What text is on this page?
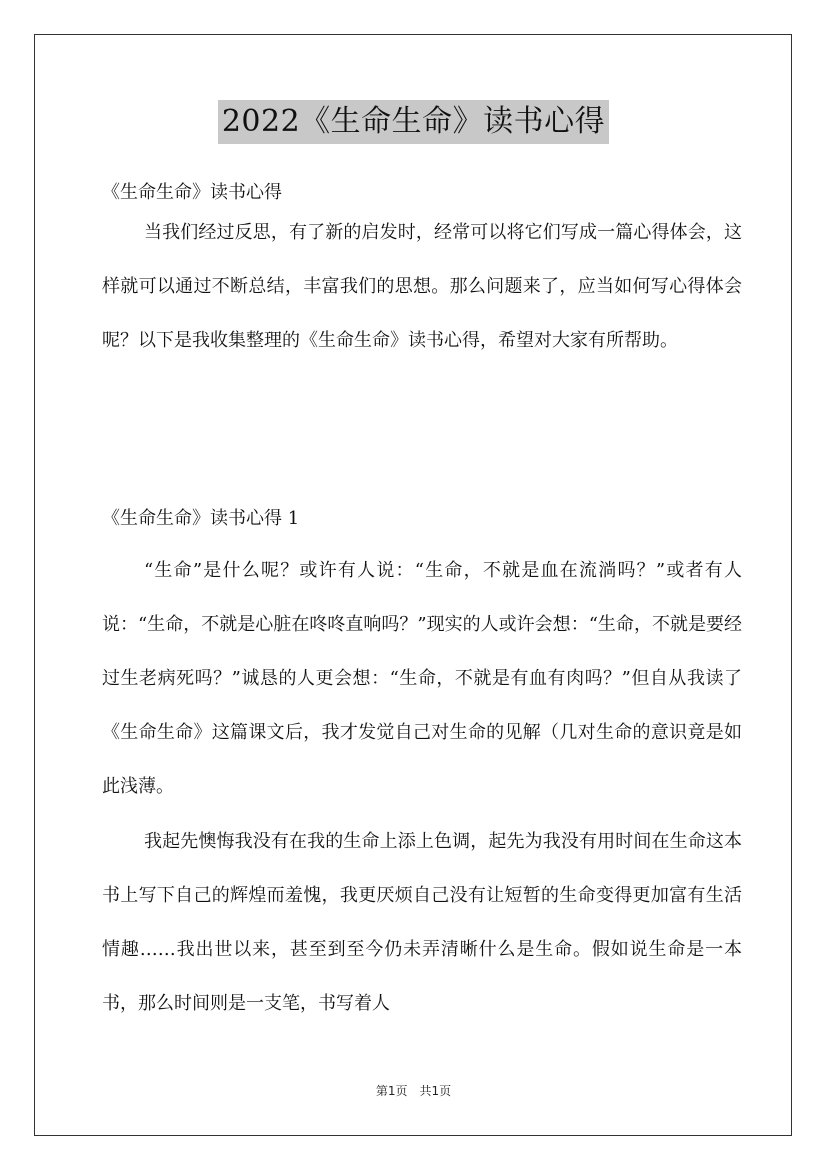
2022《生命生命》读书心得
《生命生命》读书心得

当我们经过反思，有了新的启发时，经常可以将它们写成一篇心得体会，这样就可以通过不断总结，丰富我们的思想。那么问题来了，应当如何写心得体会呢？以下是我收集整理的《生命生命》读书心得，希望对大家有所帮助。

《生命生命》读书心得 1

“生命”是什么呢？或许有人说：“生命，不就是血在流淌吗？”或者有人说：“生命，不就是心脏在咚咚直响吗？”现实的人或许会想：“生命，不就是要经过生老病死吗？”诚恳的人更会想：“生命，不就是有血有肉吗？”但自从我读了《生命生命》这篇课文后，我才发觉自己对生命的见解（几对生命的意识竟是如此浅薄。

我起先懊悔我没有在我的生命上添上色调，起先为我没有用时间在生命这本书上写下自己的辉煌而羞愧，我更厌烦自己没有让短暂的生命变得更加富有生活情趣……我出世以来，甚至到至今仍未弄清晰什么是生命。假如说生命是一本书，那么时间则是一支笔，书写着人

第1页　共1页
